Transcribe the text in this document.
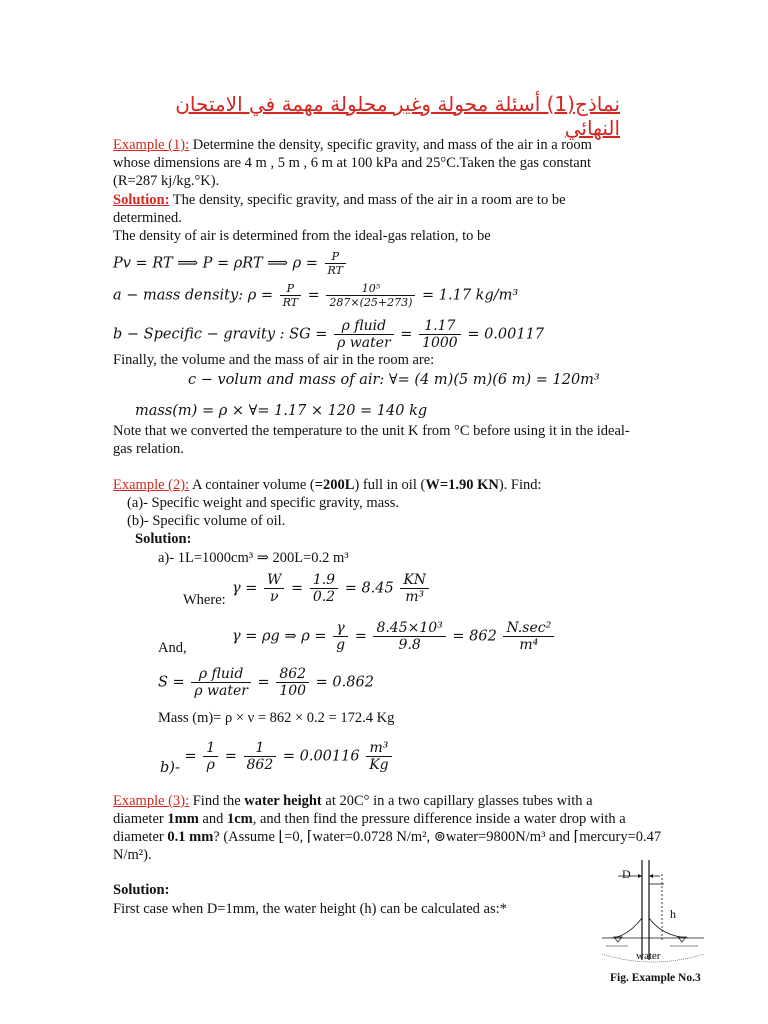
نماذج(1) أسئلة محولة وغير محلولة مهمة في الامتحان النهائي
Example (1): Determine the density, specific gravity, and mass of the air in a room
whose dimensions are 4 m , 5 m , 6 m at 100 kPa and 25°C.Taken the gas constant
(R=287 kj/kg.°K).
Solution: The density, specific gravity, and mass of the air in a room are to be
determined.
The density of air is determined from the ideal-gas relation, to be
Pv = RT ⟹ P = ρRT ⟹ $\rho = \frac{P}{RT}$
a − mass density: $\rho = \frac{P}{RT} = \frac{\text{10⁵}}{287\times(25+273)} = 1.17$ kg/m³
b − Specific − gravity : SG = $\frac{\text{ρ fluid}}{\text{ρ water}} = \frac{1.17}{1000} = 0.00117$
Finally, the volume and the mass of air in the room are:
c − volum and mass of air: ∀= (4 m)(5 m)(6 m) = 120m³
mass(m) = ρ × ∀= 1.17 × 120 = 140 kg
Note that we converted the temperature to the unit K from °C before using it in the ideal-
gas relation.
Example (2): A container volume (=200L) full in oil (W=1.90 KN). Find:
(a)- Specific weight and specific gravity, mass.
(b)- Specific volume of oil.
Solution:
a)- 1L=1000cm³ ⇒ 200L=0.2 m³
Where:
$\gamma = \frac{W}{\nu} = \frac{1.9}{0.2} = 8.45 \frac{KN}{\text{m³}}$
And,
γ = ρg ⇒ $\rho = \frac{\gamma}{g} = \frac{\text{8.45×10³}}{9.8} = 862 \frac{\text{N.sec²}}{\text{m⁴}}$
$S = \frac{\text{ρ fluid}}{\text{ρ water}} = \frac{862}{100} = 0.862$
Mass (m)= ρ × ν = 862 × 0.2 = 172.4 Kg
$b)- = \frac{1}{\rho} = \frac{1}{862} = 0.00116 \frac{\text{m³}}{Kg}$
Example (3): Find the water height at 20C° in a two capillary glasses tubes with a
diameter 1mm and 1cm, and then find the pressure difference inside a water drop with a
diameter 0.1 mm? (Assume ⌊=0, ⌈water=0.0728 N/m², ⊚water=9800N/m³ and ⌈mercury=0.47
N/m²).
Solution:
First case when D=1mm, the water height (h) can be calculated as:*
D
h
water
Fig. Example No.3
